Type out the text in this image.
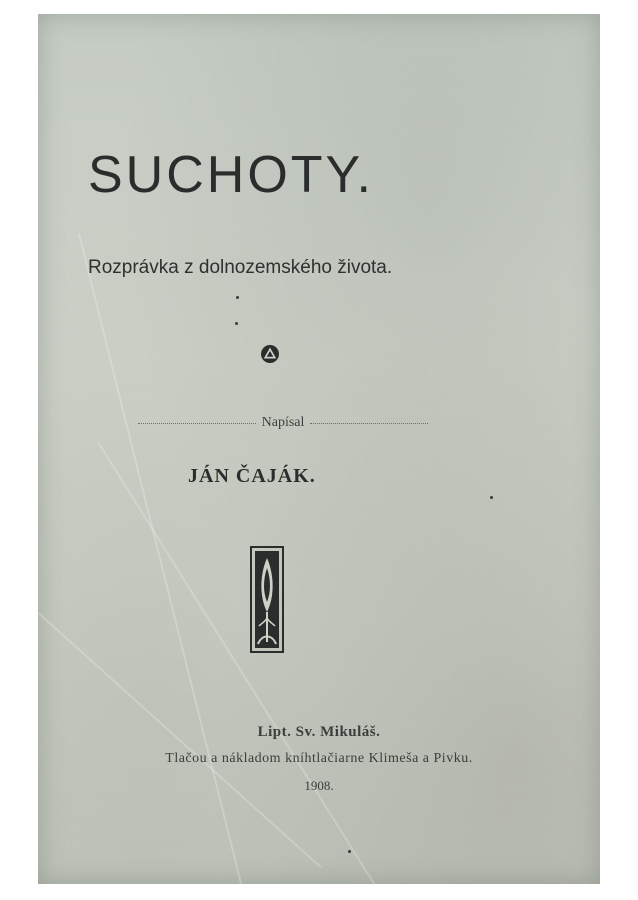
SUCHOTY.
Rozprávka z dolnozemského života.
Napísal
JÁN ČAJÁK.
Lipt. Sv. Mikuláš.
Tlačou a nákladom kníhtlačiarne Klimeša a Pivku.
1908.
